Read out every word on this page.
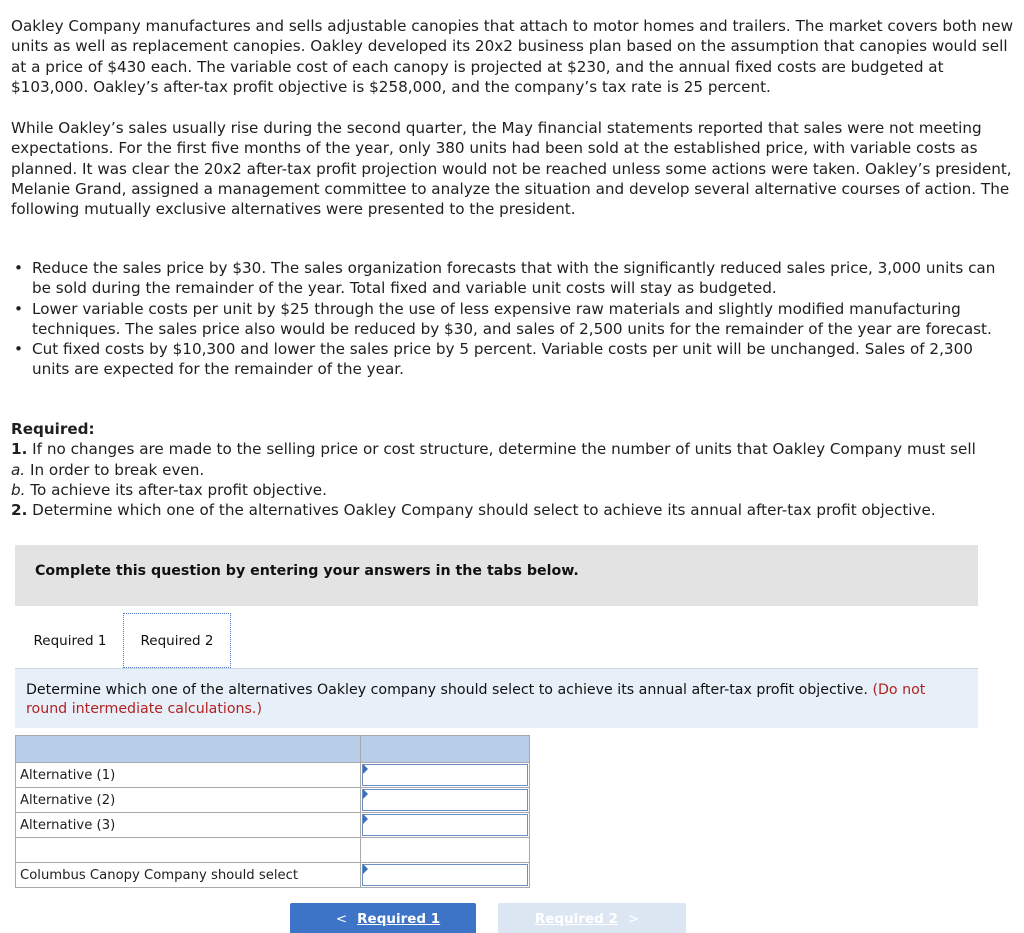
Oakley Company manufactures and sells adjustable canopies that attach to motor homes and trailers. The market covers both new units as well as replacement canopies. Oakley developed its 20x2 business plan based on the assumption that canopies would sell at a price of $430 each. The variable cost of each canopy is projected at $230, and the annual fixed costs are budgeted at $103,000. Oakley’s after-tax profit objective is $258,000, and the company’s tax rate is 25 percent.

While Oakley’s sales usually rise during the second quarter, the May financial statements reported that sales were not meeting expectations. For the first five months of the year, only 380 units had been sold at the established price, with variable costs as planned. It was clear the 20x2 after-tax profit projection would not be reached unless some actions were taken. Oakley’s president, Melanie Grand, assigned a management committee to analyze the situation and develop several alternative courses of action. The following mutually exclusive alternatives were presented to the president.

• Reduce the sales price by $30. The sales organization forecasts that with the significantly reduced sales price, 3,000 units can be sold during the remainder of the year. Total fixed and variable unit costs will stay as budgeted.
• Lower variable costs per unit by $25 through the use of less expensive raw materials and slightly modified manufacturing techniques. The sales price also would be reduced by $30, and sales of 2,500 units for the remainder of the year are forecast.
• Cut fixed costs by $10,300 and lower the sales price by 5 percent. Variable costs per unit will be unchanged. Sales of 2,300 units are expected for the remainder of the year.
Required:
1. If no changes are made to the selling price or cost structure, determine the number of units that Oakley Company must sell
a. In order to break even.
b. To achieve its after-tax profit objective.
2. Determine which one of the alternatives Oakley Company should select to achieve its annual after-tax profit objective.
Complete this question by entering your answers in the tabs below.
Required 1	Required 2
Determine which one of the alternatives Oakley company should select to achieve its annual after-tax profit objective. (Do not round intermediate calculations.)

Alternative (1)	

Alternative (2)	

Alternative (3)	

Columbus Canopy Company should select	
< Required 1	Required 2 >
